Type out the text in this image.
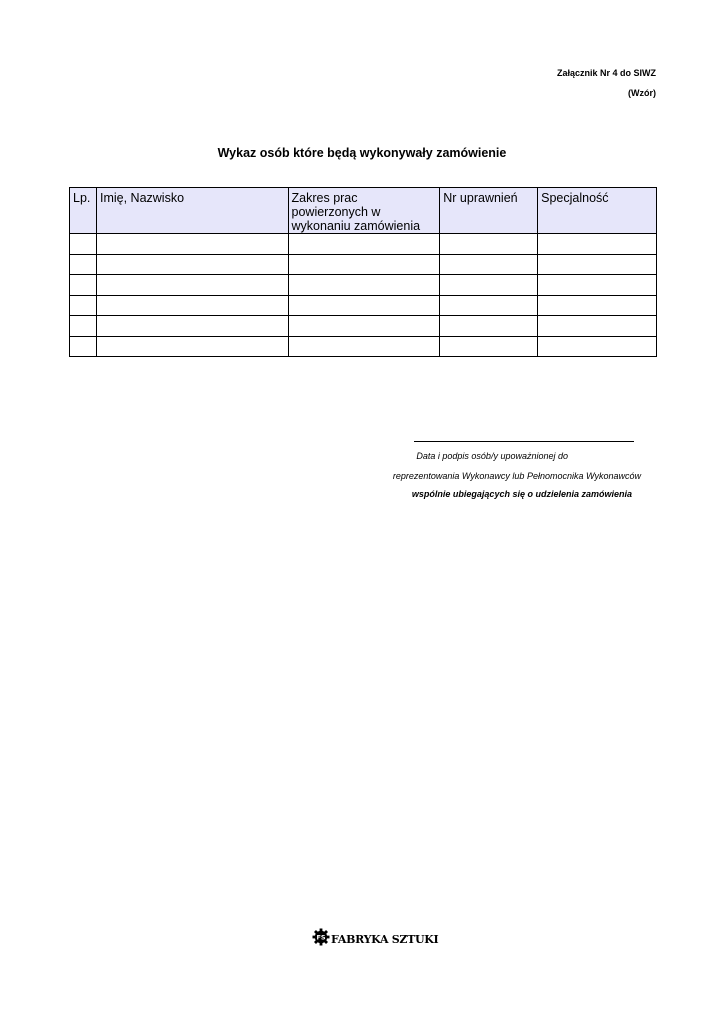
Załącznik Nr 4 do SIWZ
(Wzór)
Wykaz osób które będą wykonywały zamówienie
Lp.	Imię, Nazwisko	Zakres prac powierzonych w wykonaniu zamówienia	Nr uprawnień	Specjalność

Data i podpis osób/y upoważnionej do
reprezentowania Wykonawcy lub Pełnomocnika Wykonawców
wspólnie ubiegających się o udzielenia zamówienia
FS FABRYKA SZTUKI
